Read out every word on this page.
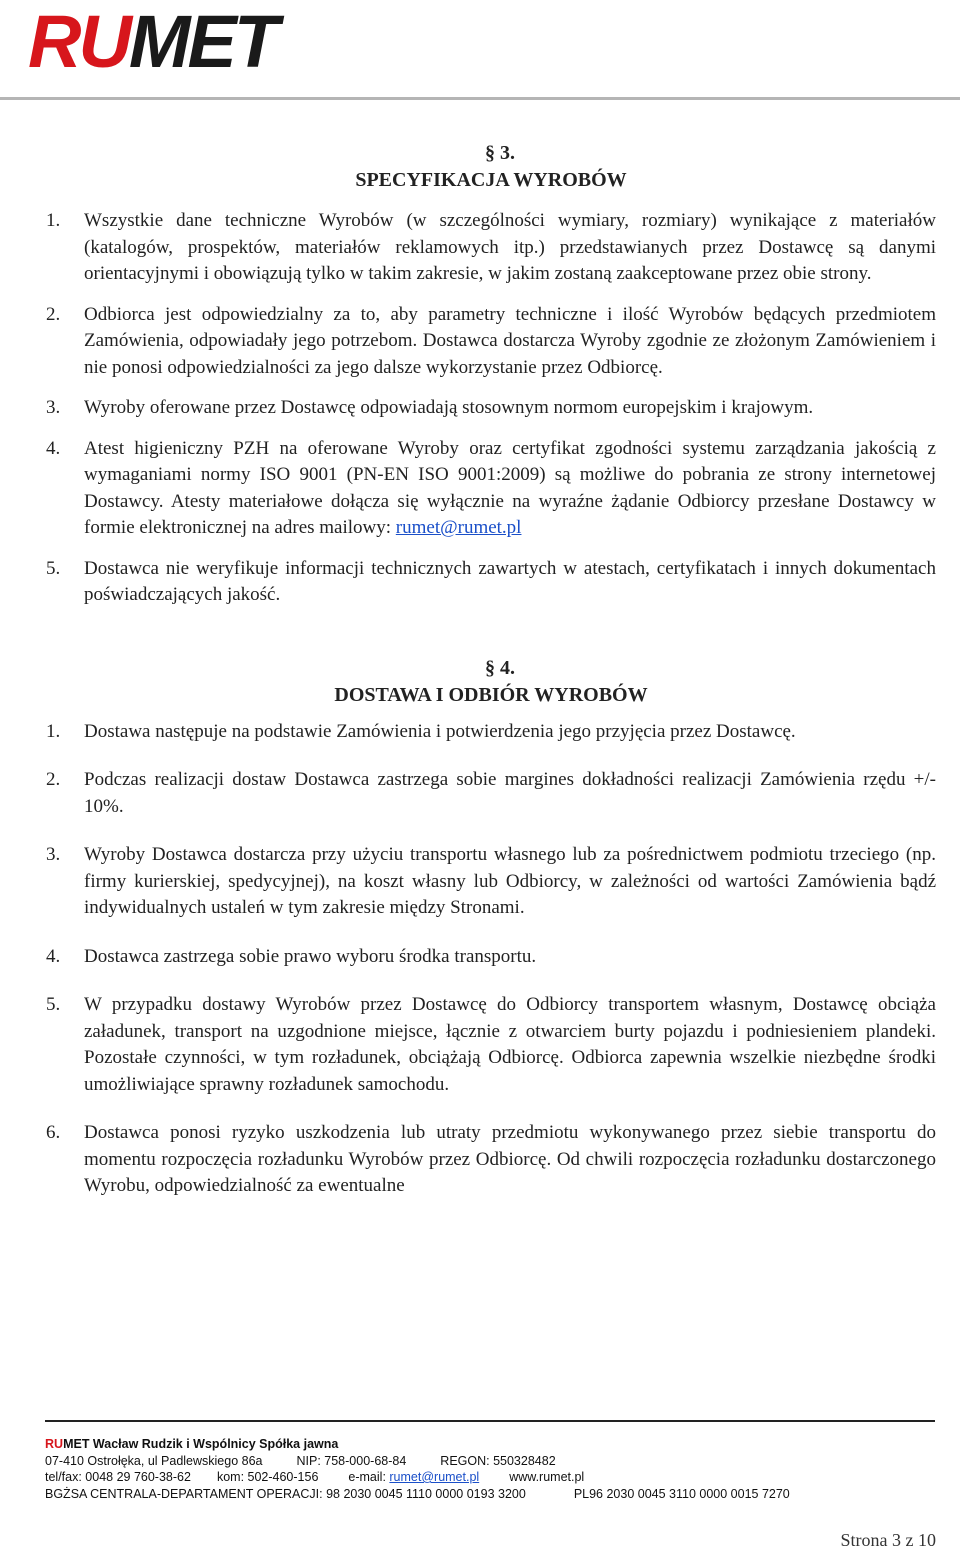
RUMET
§ 3.
SPECYFIKACJA WYROBÓW
1.	Wszystkie dane techniczne Wyrobów (w szczególności wymiary, rozmiary) wynikające z materiałów (katalogów, prospektów, materiałów reklamowych itp.) przedstawianych przez Dostawcę są danymi orientacyjnymi i obowiązują tylko w takim zakresie, w jakim zostaną zaakceptowane przez obie strony.
2.	Odbiorca jest odpowiedzialny za to, aby parametry techniczne i ilość Wyrobów będących przedmiotem Zamówienia, odpowiadały jego potrzebom. Dostawca dostarcza Wyroby zgodnie ze złożonym Zamówieniem i nie ponosi odpowiedzialności za jego dalsze wykorzystanie przez Odbiorcę.
3.	Wyroby oferowane przez Dostawcę odpowiadają stosownym normom europejskim i krajowym.
4.	Atest higieniczny PZH na oferowane Wyroby oraz certyfikat zgodności systemu zarządzania jakością z wymaganiami normy ISO 9001 (PN-EN ISO 9001:2009) są możliwe do pobrania ze strony internetowej Dostawcy. Atesty materiałowe dołącza się wyłącznie na wyraźne żądanie Odbiorcy przesłane Dostawcy w formie elektronicznej na adres mailowy: rumet@rumet.pl
5.	Dostawca nie weryfikuje informacji technicznych zawartych w atestach, certyfikatach i innych dokumentach poświadczających jakość.
§ 4.
DOSTAWA I ODBIÓR WYROBÓW
1.	Dostawa następuje na podstawie Zamówienia i potwierdzenia jego przyjęcia przez Dostawcę.
2.	Podczas realizacji dostaw Dostawca zastrzega sobie margines dokładności realizacji Zamówienia rzędu +/- 10%.
3.	Wyroby Dostawca dostarcza przy użyciu transportu własnego lub za pośrednictwem podmiotu trzeciego (np. firmy kurierskiej, spedycyjnej), na koszt własny lub Odbiorcy, w zależności od wartości Zamówienia bądź indywidualnych ustaleń w tym zakresie między Stronami.
4.	Dostawca zastrzega sobie prawo wyboru środka transportu.
5.	W przypadku dostawy Wyrobów przez Dostawcę do Odbiorcy transportem własnym, Dostawcę obciąża załadunek, transport na uzgodnione miejsce, łącznie z otwarciem burty pojazdu i podniesieniem plandeki. Pozostałe czynności, w tym rozładunek, obciążają Odbiorcę. Odbiorca zapewnia wszelkie niezbędne środki umożliwiające sprawny rozładunek samochodu.
6.	Dostawca ponosi ryzyko uszkodzenia lub utraty przedmiotu wykonywanego przez siebie transportu do momentu rozpoczęcia rozładunku Wyrobów przez Odbiorcę. Od chwili rozpoczęcia rozładunku dostarczonego Wyrobu, odpowiedzialność za ewentualne
RUMET Wacław Rudzik i Wspólnicy Spółka jawna
07-410 Ostrołęka, ul Padlewskiego 86a	NIP: 758-000-68-84	REGON: 550328482
tel/fax: 0048 29 760-38-62 kom: 502-460-156 e-mail: rumet@rumet.pl www.rumet.pl
BGŻSA CENTRALA-DEPARTAMENT OPERACJI: 98 2030 0045 1110 0000 0193 3200	PL96 2030 0045 3110 0000 0015 7270
Strona 3 z 10
